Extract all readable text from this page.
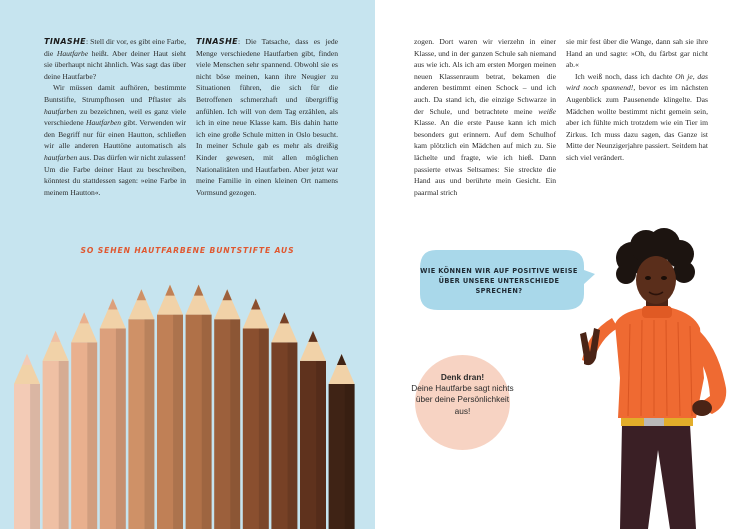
TINASHE: Stell dir vor, es gibt eine Farbe, die Hautfarbe heißt. Aber deiner Haut sieht sie überhaupt nicht ähnlich. Was sagt das über deine Hautfarbe?

Wir müssen damit aufhören, bestimmte Buntstifte, Strumpfhosen und Pflaster als hautfarben zu bezeichnen, weil es ganz viele verschiedene Hautfarben gibt. Verwenden wir den Begriff nur für einen Hautton, schließen wir alle anderen Hauttöne automatisch als hautfarben aus. Das dürfen wir nicht zulassen! Um die Farbe deiner Haut zu beschreiben, könntest du stattdessen sagen: »eine Farbe in meinem Hautton«.

TINASHE: Die Tatsache, dass es jede Menge verschiedene Hautfarben gibt, finden viele Menschen sehr spannend. Obwohl sie es nicht böse meinen, kann ihre Neugier zu Situationen führen, die sich für die Betroffenen schmerzhaft und übergriffig anfühlen. Ich will von dem Tag erzählen, als ich in eine neue Klasse kam. Bis dahin hatte ich eine große Schule mitten in Oslo besucht. In meiner Schule gab es mehr als dreißig Kinder gewesen, mit allen möglichen Nationalitäten und Hautfarben. Aber jetzt war meine Familie in einen kleinen Ort namens Vormsund gezogen.

SO SEHEN HAUTFARBENE BUNTSTIFTE AUS

zogen. Dort waren wir vierzehn in einer Klasse, und in der ganzen Schule sah niemand aus wie ich. Als ich am ersten Morgen meinen neuen Klassenraum betrat, bekamen die anderen bestimmt einen Schock – und ich auch. Da stand ich, die einzige Schwarze in der Schule, und betrachtete meine weiße Klasse. An die erste Pause kann ich mich besonders gut erinnern. Auf dem Schulhof kam plötzlich ein Mädchen auf mich zu. Sie lächelte und fragte, wie ich hieß. Dann passierte etwas Seltsames: Sie streckte die Hand aus und berührte mein Gesicht. Ein paarmal strich

sie mir fest über die Wange, dann sah sie ihre Hand an und sagte: »Oh, du färbst gar nicht ab.«

Ich weiß noch, dass ich dachte Oh je, das wird noch spannend!, bevor es im nächsten Augenblick zum Pausenende klingelte. Das Mädchen wollte bestimmt nicht gemein sein, aber ich fühlte mich trotzdem wie ein Tier im Zirkus. Ich muss dazu sagen, das Ganze ist Mitte der Neunzigerjahre passiert. Seitdem hat sich viel verändert.

WIE KÖNNEN WIR AUF POSITIVE WEISE ÜBER UNSERE UNTERSCHIEDE SPRECHEN?
Denk dran!
Deine Hautfarbe sagt nichts über deine Persönlichkeit aus!
